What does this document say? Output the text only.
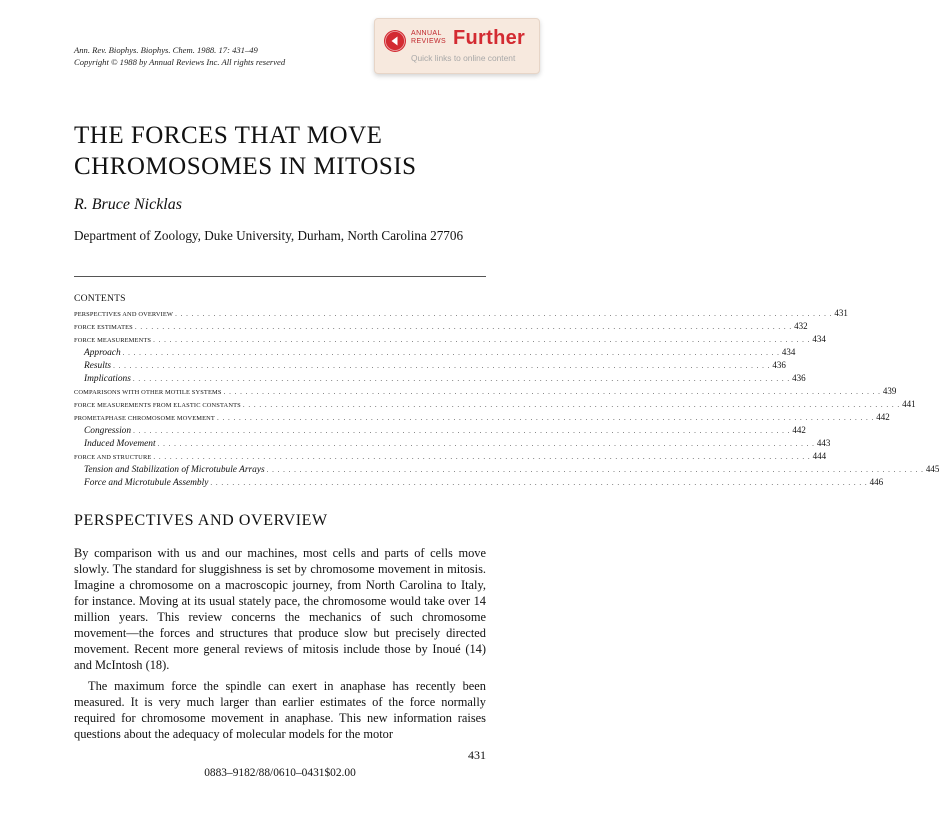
Ann. Rev. Biophys. Biophys. Chem. 1988. 17: 431–49
Copyright © 1988 by Annual Reviews Inc. All rights reserved
ANNUAL
REVIEWS Further
Quick links to online content
THE FORCES THAT MOVE
CHROMOSOMES IN MITOSIS
R. Bruce Nicklas
Department of Zoology, Duke University, Durham, North Carolina 27706
CONTENTS
PERSPECTIVES AND OVERVIEW . . . . . . . . . . . . . . . . . . . . . . . . . . . . . . . . . . . . . . . . . . . . . . . . . . . . . . . . . . . . . . . . . . . . . . . . . . . . . . . . . . . . . . . . . . . . . . . . . . . . . . . . . . . . . . . . . . . . . . . . 431
FORCE ESTIMATES . . . . . . . . . . . . . . . . . . . . . . . . . . . . . . . . . . . . . . . . . . . . . . . . . . . . . . . . . . . . . . . . . . . . . . . . . . . . . . . . . . . . . . . . . . . . . . . . . . . . . . . . . . . . . . . . . . . . . . . . 432
FORCE MEASUREMENTS . . . . . . . . . . . . . . . . . . . . . . . . . . . . . . . . . . . . . . . . . . . . . . . . . . . . . . . . . . . . . . . . . . . . . . . . . . . . . . . . . . . . . . . . . . . . . . . . . . . . . . . . . . . . . . . . . . . . . . . . 434
Approach . . . . . . . . . . . . . . . . . . . . . . . . . . . . . . . . . . . . . . . . . . . . . . . . . . . . . . . . . . . . . . . . . . . . . . . . . . . . . . . . . . . . . . . . . . . . . . . . . . . . . . . . . . . . . . . . . . . . . . . . 434
Results . . . . . . . . . . . . . . . . . . . . . . . . . . . . . . . . . . . . . . . . . . . . . . . . . . . . . . . . . . . . . . . . . . . . . . . . . . . . . . . . . . . . . . . . . . . . . . . . . . . . . . . . . . . . . . . . . . . . . . . . 436
Implications . . . . . . . . . . . . . . . . . . . . . . . . . . . . . . . . . . . . . . . . . . . . . . . . . . . . . . . . . . . . . . . . . . . . . . . . . . . . . . . . . . . . . . . . . . . . . . . . . . . . . . . . . . . . . . . . . . . . . . . . 436
COMPARISONS WITH OTHER MOTILE SYSTEMS . . . . . . . . . . . . . . . . . . . . . . . . . . . . . . . . . . . . . . . . . . . . . . . . . . . . . . . . . . . . . . . . . . . . . . . . . . . . . . . . . . . . . . . . . . . . . . . . . . . . . . . . . . . . . . . . . . . . . . . . 439
FORCE MEASUREMENTS FROM ELASTIC CONSTANTS . . . . . . . . . . . . . . . . . . . . . . . . . . . . . . . . . . . . . . . . . . . . . . . . . . . . . . . . . . . . . . . . . . . . . . . . . . . . . . . . . . . . . . . . . . . . . . . . . . . . . . . . . . . . . . . . . . . . . . . . 441
PROMETAPHASE CHROMOSOME MOVEMENT . . . . . . . . . . . . . . . . . . . . . . . . . . . . . . . . . . . . . . . . . . . . . . . . . . . . . . . . . . . . . . . . . . . . . . . . . . . . . . . . . . . . . . . . . . . . . . . . . . . . . . . . . . . . . . . . . . . . . . . . 442
Congression . . . . . . . . . . . . . . . . . . . . . . . . . . . . . . . . . . . . . . . . . . . . . . . . . . . . . . . . . . . . . . . . . . . . . . . . . . . . . . . . . . . . . . . . . . . . . . . . . . . . . . . . . . . . . . . . . . . . . . . . 442
Induced Movement . . . . . . . . . . . . . . . . . . . . . . . . . . . . . . . . . . . . . . . . . . . . . . . . . . . . . . . . . . . . . . . . . . . . . . . . . . . . . . . . . . . . . . . . . . . . . . . . . . . . . . . . . . . . . . . . . . . . . . . . 443
FORCE AND STRUCTURE . . . . . . . . . . . . . . . . . . . . . . . . . . . . . . . . . . . . . . . . . . . . . . . . . . . . . . . . . . . . . . . . . . . . . . . . . . . . . . . . . . . . . . . . . . . . . . . . . . . . . . . . . . . . . . . . . . . . . . . . 444
Tension and Stabilization of Microtubule Arrays . . . . . . . . . . . . . . . . . . . . . . . . . . . . . . . . . . . . . . . . . . . . . . . . . . . . . . . . . . . . . . . . . . . . . . . . . . . . . . . . . . . . . . . . . . . . . . . . . . . . . . . . . . . . . . . . . . . . . . . . 445
Force and Microtubule Assembly . . . . . . . . . . . . . . . . . . . . . . . . . . . . . . . . . . . . . . . . . . . . . . . . . . . . . . . . . . . . . . . . . . . . . . . . . . . . . . . . . . . . . . . . . . . . . . . . . . . . . . . . . . . . . . . . . . . . . . . . 446
PERSPECTIVES AND OVERVIEW

By comparison with us and our machines, most cells and parts of cells move slowly. The standard for sluggishness is set by chromosome movement in mitosis. Imagine a chromosome on a macroscopic journey, from North Carolina to Italy, for instance. Moving at its usual stately pace, the chromosome would take over 14 million years. This review concerns the mechanics of such chromosome movement—the forces and structures that produce slow but precisely directed movement. Recent more general reviews of mitosis include those by Inoué (14) and McIntosh (18).

The maximum force the spindle can exert in anaphase has recently been measured. It is very much larger than earlier estimates of the force normally required for chromosome movement in anaphase. This new information raises questions about the adequacy of molecular models for the motor

431
0883–9182/88/0610–0431$02.00
